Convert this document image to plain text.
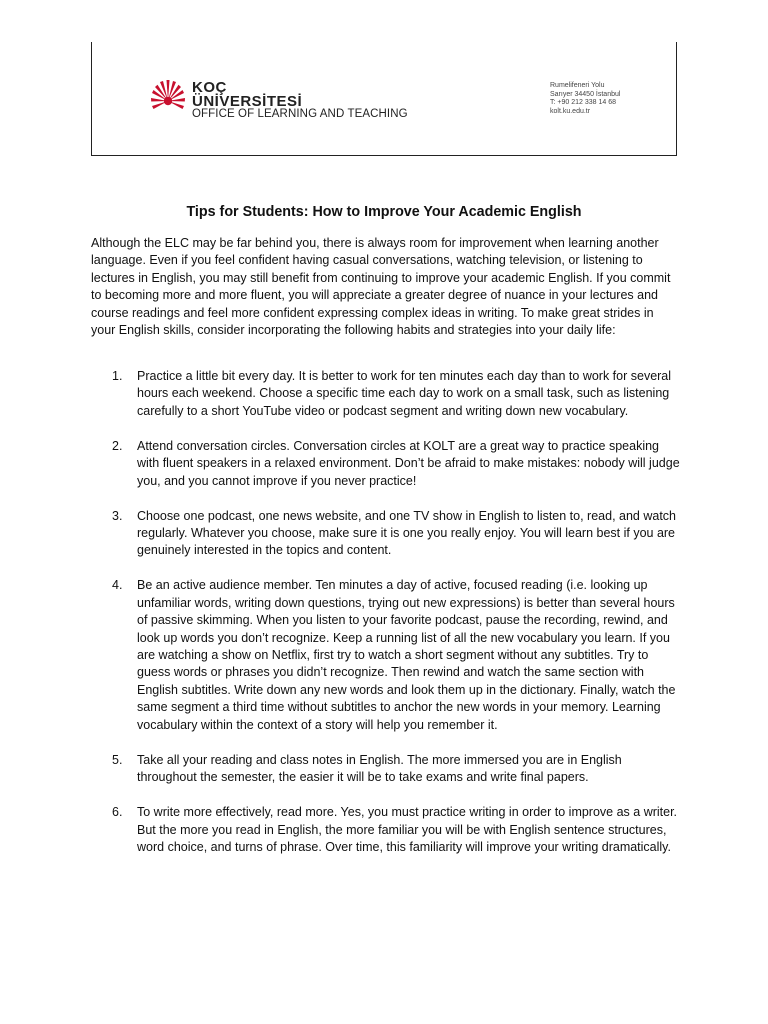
KOÇ
ÜNİVERSİTESİ
OFFICE OF LEARNING AND TEACHING
Rumelifeneri Yolu
Sarıyer 34450 İstanbul
T: +90 212 338 14 68
kolt.ku.edu.tr
Tips for Students: How to Improve Your Academic English

Although the ELC may be far behind you, there is always room for improvement when learning another language. Even if you feel confident having casual conversations, watching television, or listening to lectures in English, you may still benefit from continuing to improve your academic English. If you commit to becoming more and more fluent, you will appreciate a greater degree of nuance in your lectures and course readings and feel more confident expressing complex ideas in writing. To make great strides in your English skills, consider incorporating the following habits and strategies into your daily life:

1. Practice a little bit every day. It is better to work for ten minutes each day than to work for several hours each weekend. Choose a specific time each day to work on a small task, such as listening carefully to a short YouTube video or podcast segment and writing down new vocabulary.
2. Attend conversation circles. Conversation circles at KOLT are a great way to practice speaking with fluent speakers in a relaxed environment. Don’t be afraid to make mistakes: nobody will judge you, and you cannot improve if you never practice!
3. Choose one podcast, one news website, and one TV show in English to listen to, read, and watch regularly. Whatever you choose, make sure it is one you really enjoy. You will learn best if you are genuinely interested in the topics and content.
4. Be an active audience member. Ten minutes a day of active, focused reading (i.e. looking up unfamiliar words, writing down questions, trying out new expressions) is better than several hours of passive skimming. When you listen to your favorite podcast, pause the recording, rewind, and look up words you don’t recognize. Keep a running list of all the new vocabulary you learn. If you are watching a show on Netflix, first try to watch a short segment without any subtitles. Try to guess words or phrases you didn’t recognize. Then rewind and watch the same section with English subtitles. Write down any new words and look them up in the dictionary. Finally, watch the same segment a third time without subtitles to anchor the new words in your memory. Learning vocabulary within the context of a story will help you remember it.
5. Take all your reading and class notes in English. The more immersed you are in English throughout the semester, the easier it will be to take exams and write final papers.
6. To write more effectively, read more. Yes, you must practice writing in order to improve as a writer. But the more you read in English, the more familiar you will be with English sentence structures, word choice, and turns of phrase. Over time, this familiarity will improve your writing dramatically.
